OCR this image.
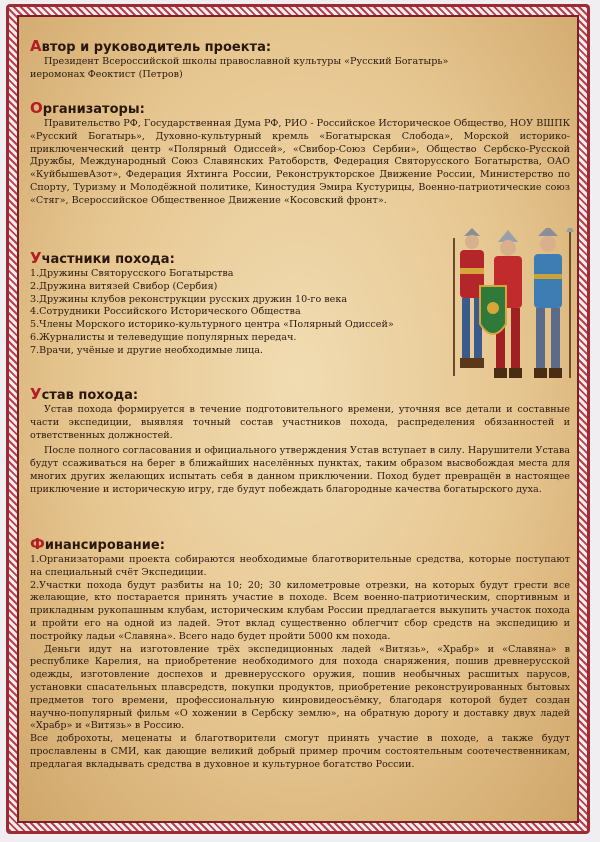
Автор и руководитель проекта:

Президент Всероссийской школы православной культуры «Русский Богатырь»

иеромонах Феоктист (Петров)

Организаторы:

Правительство РФ, Государственная Дума РФ, РИО - Российское Историческое Общество, НОУ ВШПК «Русский Богатырь», Духовно-культурный кремль «Богатырская Слобода», Морской историко-приключенческий центр «Полярный Одиссей», «Свибор-Союз Сербии», Общество Сербско-Русской Дружбы, Международный Союз Славянских Ратоборств, Федерация Святорусского Богатырства, ОАО «КуйбышевАзот», Федерация Яхтинга России, Реконструкторское Движение России, Министерство по Спорту, Туризму и Молодёжной политике, Киностудия Эмира Кустурицы, Военно-патриотические союз «Стяг», Всероссийское Общественное Движение «Косовский фронт».

Участники похода:

1.Дружины Святорусского Богатырства

2.Дружина витязей Свибор (Сербия)

3.Дружины клубов реконструкции русских дружин 10-го века

4.Сотрудники Российского Исторического Общества

5.Члены Морского историко-культурного центра «Полярный Одиссей»

6.Журналисты и телеведущие популярных передач.

7.Врачи, учёные и другие необходимые лица.

Устав похода:

Устав похода формируется в течение подготовительного времени, уточняя все детали и составные части экспедиции, выявляя точный состав участников похода, распределения обязанностей и ответственных должностей.

После полного согласования и официального утверждения Устав вступает в силу. Нарушители Устава будут ссаживаться на берег в ближайших населённых пунктах, таким образом высвобождая места для многих других желающих испытать себя в данном приключении. Поход будет превращён в настоящее приключение и историческую игру, где будут побеждать благородные качества богатырского духа.

Финансирование:

1.Организаторами проекта собираются необходимые благотворительные средства, которые поступают на специальный счёт Экспедиции.

2.Участки похода будут разбиты на 10; 20; 30 километровые отрезки, на которых будут грести все желающие, кто постарается принять участие в походе. Всем военно-патриотическим, спортивным и прикладным рукопашным клубам, историческим клубам России предлагается выкупить участок похода и пройти его на одной из ладей. Этот вклад существенно облегчит сбор средств на экспедицию и постройку ладьи «Славяна». Всего надо будет пройти 5000 км похода.

Деньги идут на изготовление трёх экспедиционных ладей «Витязь», «Храбр» и «Славяна» в республике Карелия, на приобретение необходимого для похода снаряжения, пошив древнерусской одежды, изготовление доспехов и древнерусского оружия, пошив необычных расшитых парусов, установки спасательных плавсредств, покупки продуктов, приобретение реконструированных бытовых предметов того времени, профессиональную кинровидеосъёмку, благодаря которой будет создан научно-популярный фильм «О хожении в Сербску землю», на обратную дорогу и доставку двух ладей «Храбр» и «Витязь» в Россию.

Все доброхоты, меценаты и благотворители смогут принять участие в походе, а также будут прославлены в СМИ, как дающие великий добрый пример прочим состоятельным соотечественникам, предлагая вкладывать средства в духовное и культурное богатство России.
